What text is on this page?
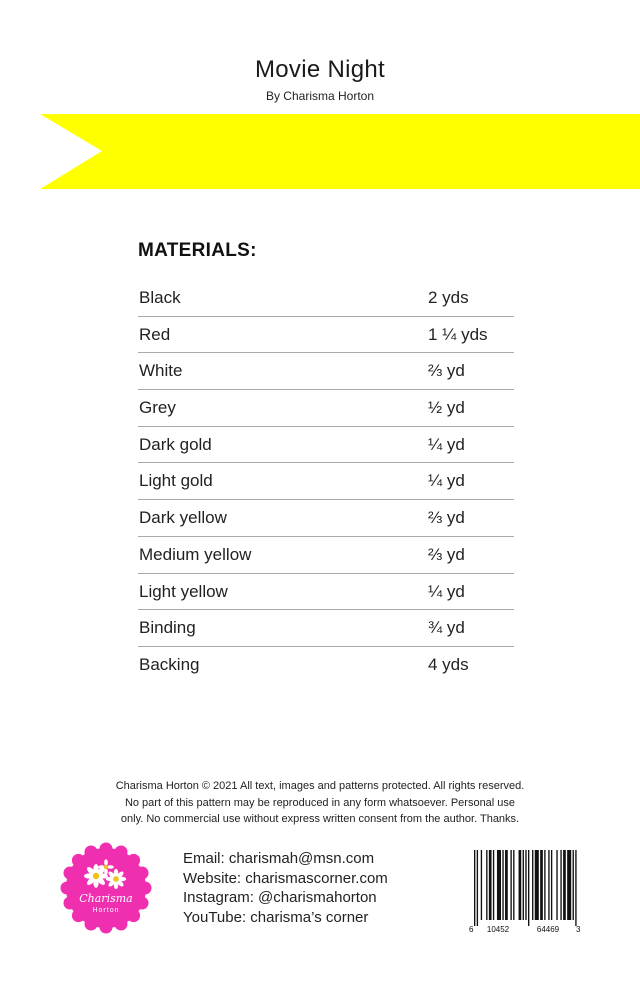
Movie Night
By Charisma Horton
MATERIALS:
Black	2 yds
Red	1 ¼ yds
White	⅔ yd
Grey	½ yd
Dark gold	¼ yd
Light gold	¼ yd
Dark yellow	⅔ yd
Medium yellow	⅔ yd
Light yellow	¼ yd
Binding	¾ yd
Backing	4 yds
Charisma Horton © 2021 All text, images and patterns protected. All rights reserved.
No part of this pattern may be reproduced in any form whatsoever. Personal use
only. No commercial use without express written consent from the author. Thanks.
Charisma
Horton
Email: charismah@msn.com
Website: charismascorner.com
Instagram: @charismahorton
YouTube: charisma’s corner
6 10452	64469 3
